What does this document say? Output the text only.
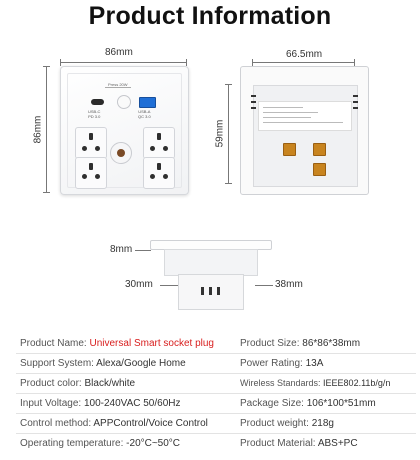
Product Information
86mm
86mm
Press 20W
USB-C
PD 3.0
USB-A
QC 3.0
66.5mm
59mm
8mm
30mm	38mm
Product Name: Universal Smart socket plug	Product Size: 86*86*38mm
Support System: Alexa/Google Home	Power Rating: 13A
Product color: Black/white	Wireless Standards: IEEE802.11b/g/n
Input Voltage: 100-240VAC 50/60Hz	Package Size: 106*100*51mm
Control method: APPControl/Voice Control	Product weight: 218g
Operating temperature: -20°C~50°C	Product Material: ABS+PC
